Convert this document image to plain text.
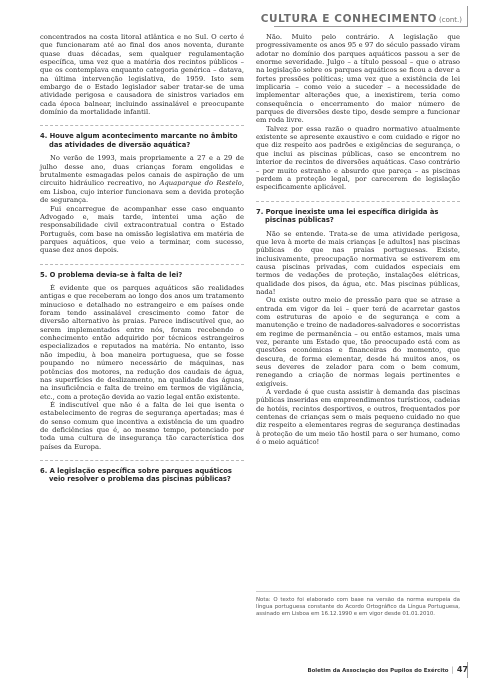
CULTURA E CONHECIMENTO (cont.)

concentrados na costa litoral atlântica e no Sul. O certo é que funcionaram até ao final dos anos noventa, durante quase duas décadas, sem qualquer regulamentação específica, uma vez que a matéria dos recintos públicos – que os contemplava enquanto categoria genérica – datava, na última intervenção legislativa, de 1959. Isto sem embargo de o Estado legislador saber tratar-se de uma atividade perigosa e causadora de sinistros variados em cada época balnear, incluindo assinalável e preocupante domínio da mortalidade infantil.

4. Houve algum acontecimento marcante no âmbito das atividades de diversão aquática?

No verão de 1993, mais propriamente a 27 e a 29 de julho desse ano, duas crianças foram engolidas e brutalmente esmagadas pelos canais de aspiração de um circuito hidráulico recreativo, no Aquaparque do Restelo, em Lisboa, cujo interior funcionava sem a devida proteção de segurança.

Fui encarregue de acompanhar esse caso enquanto Advogado e, mais tarde, intentei uma ação de responsabilidade civil extracontratual contra o Estado Português, com base na omissão legislativa em matéria de parques aquáticos, que veio a terminar, com sucesso, quase dez anos depois.

5. O problema devia-se à falta de lei?

É evidente que os parques aquáticos são realidades antigas e que receberam ao longo dos anos um tratamento minucioso e detalhado no estrangeiro e em países onde foram tendo assinalável crescimento como fator de diversão alternativo às praias. Parece indiscutível que, ao serem implementados entre nós, foram recebendo o conhecimento então adquirido por técnicos estrangeiros especializados e reputados na matéria. No entanto, isso não impediu, à boa maneira portuguesa, que se fosse poupando no número necessário de máquinas, nas potências dos motores, na redução dos caudais de água, nas superfícies de deslizamento, na qualidade das águas, na insuficiência e falta de treino em termos de vigilância, etc., com a proteção devida ao vazio legal então existente.

É indiscutível que não é a falta de lei que isenta o estabelecimento de regras de segurança apertadas; mas é do senso comum que incentiva a existência de um quadro de deficiências que é, ao mesmo tempo, potenciado por toda uma cultura de insegurança tão característica dos países da Europa.

6. A legislação específica sobre parques aquáticos veio resolver o problema das piscinas públicas?

Não. Muito pelo contrário. A legislação que progressivamente os anos 95 e 97 do século passado viram adotar no domínio dos parques aquáticos passou a ser de enorme severidade. Julgo – a título pessoal – que o atraso na legislação sobre os parques aquáticos se ficou a dever a fortes pressões políticas; uma vez que a existência de lei implicaria – como veio a suceder – a necessidade de implementar alterações que, a inexistirem, teria como consequência o encerramento do maior número de parques de diversões deste tipo, desde sempre a funcionar em roda livre.

Talvez por essa razão o quadro normativo atualmente existente se apresente exaustivo e com cuidado e rigor no que diz respeito aos padrões e exigências de segurança, o que inclui as piscinas públicas, caso se encontrem no interior de recintos de diversões aquáticas. Caso contrário – por muito estranho e absurdo que pareça – as piscinas perdem a proteção legal, por carecerem de legislação especificamente aplicável.

7. Porque inexiste uma lei específica dirigida às piscinas públicas?

Não se entende. Trata-se de uma atividade perigosa, que leva à morte de mais crianças [e adultos] nas piscinas públicas do que nas praias portuguesas. Existe, inclusivamente, preocupação normativa se estiverem em causa piscinas privadas, com cuidados especiais em termos de vedações de proteção, instalações elétricas, qualidade dos pisos, da água, etc. Mas piscinas públicas, nada!

Ou existe outro meio de pressão para que se atrase a entrada em vigor da lei – quer terá de acarretar gastos com estruturas de apoio e de segurança e com a manutenção e treino de nadadores-salvadores e socorristas em regime de permanência – ou então estamos, mais uma vez, perante um Estado que, tão preocupado está com as questões económicas e financeiras do momento, que descura, de forma elementar, desde há muitos anos, os seus deveres de zelador para com o bem comum, renegando a criação de normas legais pertinentes e exigíveis.

A verdade é que custa assistir à demanda das piscinas públicas inseridas em empreendimentos turísticos, cadeias de hotéis, recintos desportivos, e outros, frequentados por centenas de crianças sem o mais pequeno cuidado no que diz respeito a elementares regras de segurança destinadas à proteção de um meio tão hostil para o ser humano, como é o meio aquático!

Nota: O texto foi elaborado com base na versão da norma europeia da língua portuguesa constante do Acordo Ortográfico da Língua Portuguesa, assinado em Lisboa em 16.12.1990 e em vigor desde 01.01.2010.
Boletim da Associação dos Pupilos do Exército | 47
